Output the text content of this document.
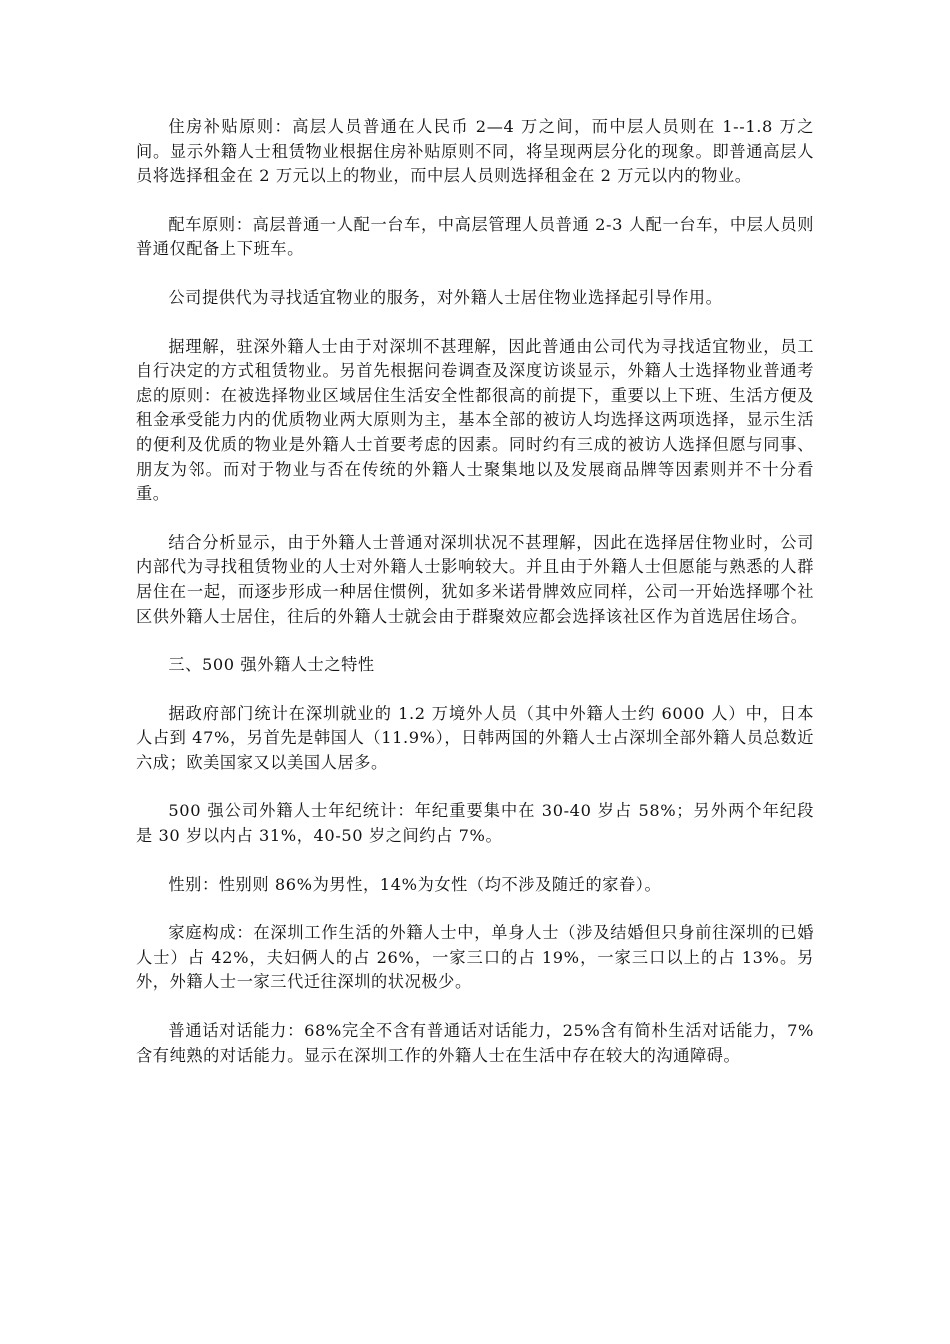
住房补贴原则：高层人员普通在人民币 2—4 万之间，而中层人员则在 1--1.8 万之间。显示外籍人士租赁物业根据住房补贴原则不同，将呈现两层分化的现象。即普通高层人员将选择租金在 2 万元以上的物业，而中层人员则选择租金在 2 万元以内的物业。

配车原则：高层普通一人配一台车，中高层管理人员普通 2-3 人配一台车，中层人员则普通仅配备上下班车。

公司提供代为寻找适宜物业的服务，对外籍人士居住物业选择起引导作用。

据理解，驻深外籍人士由于对深圳不甚理解，因此普通由公司代为寻找适宜物业，员工自行决定的方式租赁物业。另首先根据问卷调查及深度访谈显示，外籍人士选择物业普通考虑的原则：在被选择物业区域居住生活安全性都很高的前提下，重要以上下班、生活方便及租金承受能力内的优质物业两大原则为主，基本全部的被访人均选择这两项选择，显示生活的便利及优质的物业是外籍人士首要考虑的因素。同时约有三成的被访人选择但愿与同事、朋友为邻。而对于物业与否在传统的外籍人士聚集地以及发展商品牌等因素则并不十分看重。

结合分析显示，由于外籍人士普通对深圳状况不甚理解，因此在选择居住物业时，公司内部代为寻找租赁物业的人士对外籍人士影响较大。并且由于外籍人士但愿能与熟悉的人群居住在一起，而逐步形成一种居住惯例，犹如多米诺骨牌效应同样，公司一开始选择哪个社区供外籍人士居住，往后的外籍人士就会由于群聚效应都会选择该社区作为首选居住场合。

三、500 强外籍人士之特性

据政府部门统计在深圳就业的 1.2 万境外人员（其中外籍人士约 6000 人）中，日本人占到 47%，另首先是韩国人（11.9%），日韩两国的外籍人士占深圳全部外籍人员总数近六成；欧美国家又以美国人居多。

500 强公司外籍人士年纪统计：年纪重要集中在 30-40 岁占 58%；另外两个年纪段是 30 岁以内占 31%，40-50 岁之间约占 7%。

性别：性别则 86%为男性，14%为女性（均不涉及随迁的家眷）。

家庭构成：在深圳工作生活的外籍人士中，单身人士（涉及结婚但只身前往深圳的已婚人士）占 42%，夫妇俩人的占 26%，一家三口的占 19%，一家三口以上的占 13%。另外，外籍人士一家三代迁往深圳的状况极少。

普通话对话能力：68%完全不含有普通话对话能力，25%含有简朴生活对话能力，7%含有纯熟的对话能力。显示在深圳工作的外籍人士在生活中存在较大的沟通障碍。
